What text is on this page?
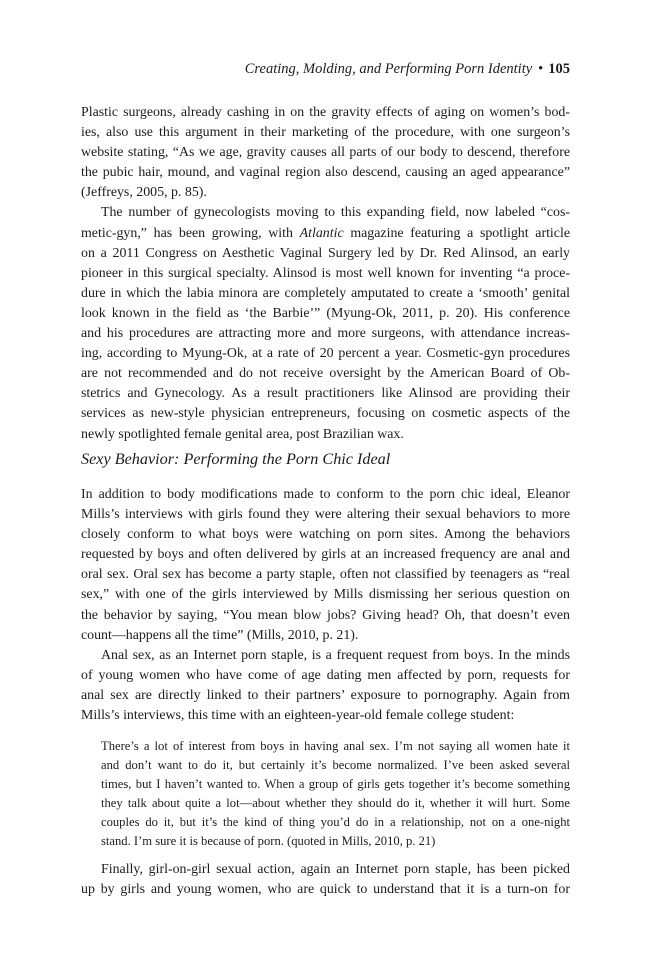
Creating, Molding, and Performing Porn Identity • 105
Plastic surgeons, already cashing in on the gravity effects of aging on women’s bod-
ies, also use this argument in their marketing of the procedure, with one surgeon’s
website stating, “As we age, gravity causes all parts of our body to descend, therefore
the pubic hair, mound, and vaginal region also descend, causing an aged appearance”
(Jeffreys, 2005, p. 85).
The number of gynecologists moving to this expanding field, now labeled “cos-
metic-gyn,” has been growing, with Atlantic magazine featuring a spotlight article
on a 2011 Congress on Aesthetic Vaginal Surgery led by Dr. Red Alinsod, an early
pioneer in this surgical specialty. Alinsod is most well known for inventing “a proce-
dure in which the labia minora are completely amputated to create a ‘smooth’ genital
look known in the field as ‘the Barbie’” (Myung-Ok, 2011, p. 20). His conference
and his procedures are attracting more and more surgeons, with attendance increas-
ing, according to Myung-Ok, at a rate of 20 percent a year. Cosmetic-gyn procedures
are not recommended and do not receive oversight by the American Board of Ob-
stetrics and Gynecology. As a result practitioners like Alinsod are providing their
services as new-style physician entrepreneurs, focusing on cosmetic aspects of the
newly spotlighted female genital area, post Brazilian wax.
Sexy Behavior: Performing the Porn Chic Ideal
In addition to body modifications made to conform to the porn chic ideal, Eleanor
Mills’s interviews with girls found they were altering their sexual behaviors to more
closely conform to what boys were watching on porn sites. Among the behaviors
requested by boys and often delivered by girls at an increased frequency are anal and
oral sex. Oral sex has become a party staple, often not classified by teenagers as “real
sex,” with one of the girls interviewed by Mills dismissing her serious question on
the behavior by saying, “You mean blow jobs? Giving head? Oh, that doesn’t even
count—happens all the time” (Mills, 2010, p. 21).
Anal sex, as an Internet porn staple, is a frequent request from boys. In the minds
of young women who have come of age dating men affected by porn, requests for
anal sex are directly linked to their partners’ exposure to pornography. Again from
Mills’s interviews, this time with an eighteen-year-old female college student:
There’s a lot of interest from boys in having anal sex. I’m not saying all women hate it
and don’t want to do it, but certainly it’s become normalized. I’ve been asked several
times, but I haven’t wanted to. When a group of girls gets together it’s become something
they talk about quite a lot—about whether they should do it, whether it will hurt. Some
couples do it, but it’s the kind of thing you’d do in a relationship, not on a one-night
stand. I’m sure it is because of porn. (quoted in Mills, 2010, p. 21)
Finally, girl-on-girl sexual action, again an Internet porn staple, has been picked
up by girls and young women, who are quick to understand that it is a turn-on for
